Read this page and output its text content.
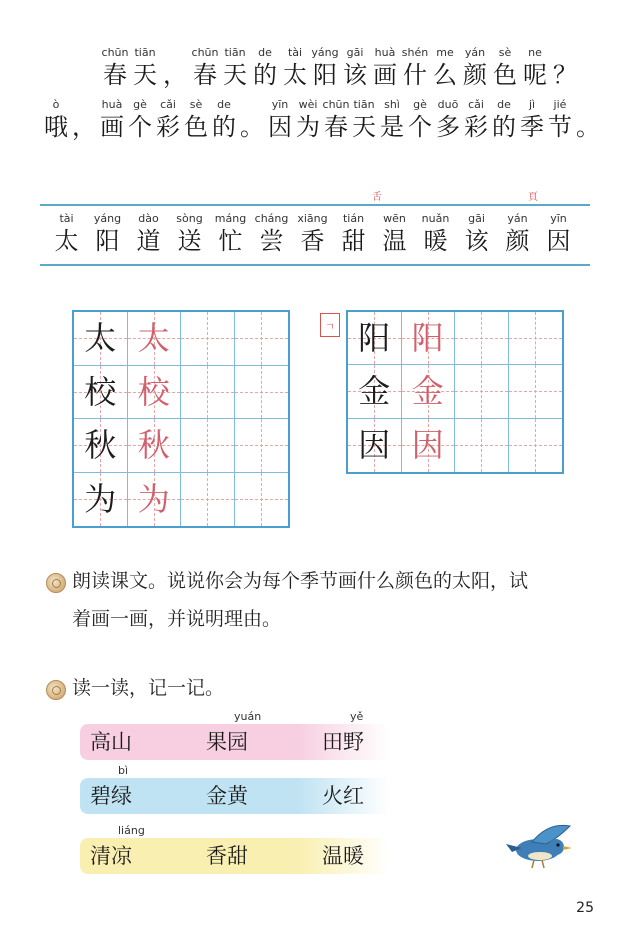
chūn
春
tiān
天 ，
chūn
春
tiān
天
de
的
tài
太
yáng
阳
gāi
该
huà
画
shén
什
me
么
yán
颜
sè
色
ne
呢 ？
ò
哦 ，
huà
画
gè
个
cǎi
彩
sè
色
de
的 。
yīn
因
wèi
为
chūn
春
tiān
天
shì
是
gè
个
duō
多
cǎi
彩
de
的
jì
季
jié
节 。
舌	頁
tài
太
yáng
阳
dào
道
sòng
送
máng
忙
cháng
尝
xiāng
香
tián
甜
wēn
温
nuǎn
暖
gāi
该
yán
颜
yīn
因
太 太
校 校
秋 秋
为 为
ㄱ 阳 阳
金 金
因 因
朗读课文。说说你会为每个季节画什么颜色的太阳，试
着画一画，并说明理由。
读一读，记一记。
高山	果园	田野
yuán	yě
碧绿	金黄	火红
bì
清凉	香甜	温暖
liáng
25
